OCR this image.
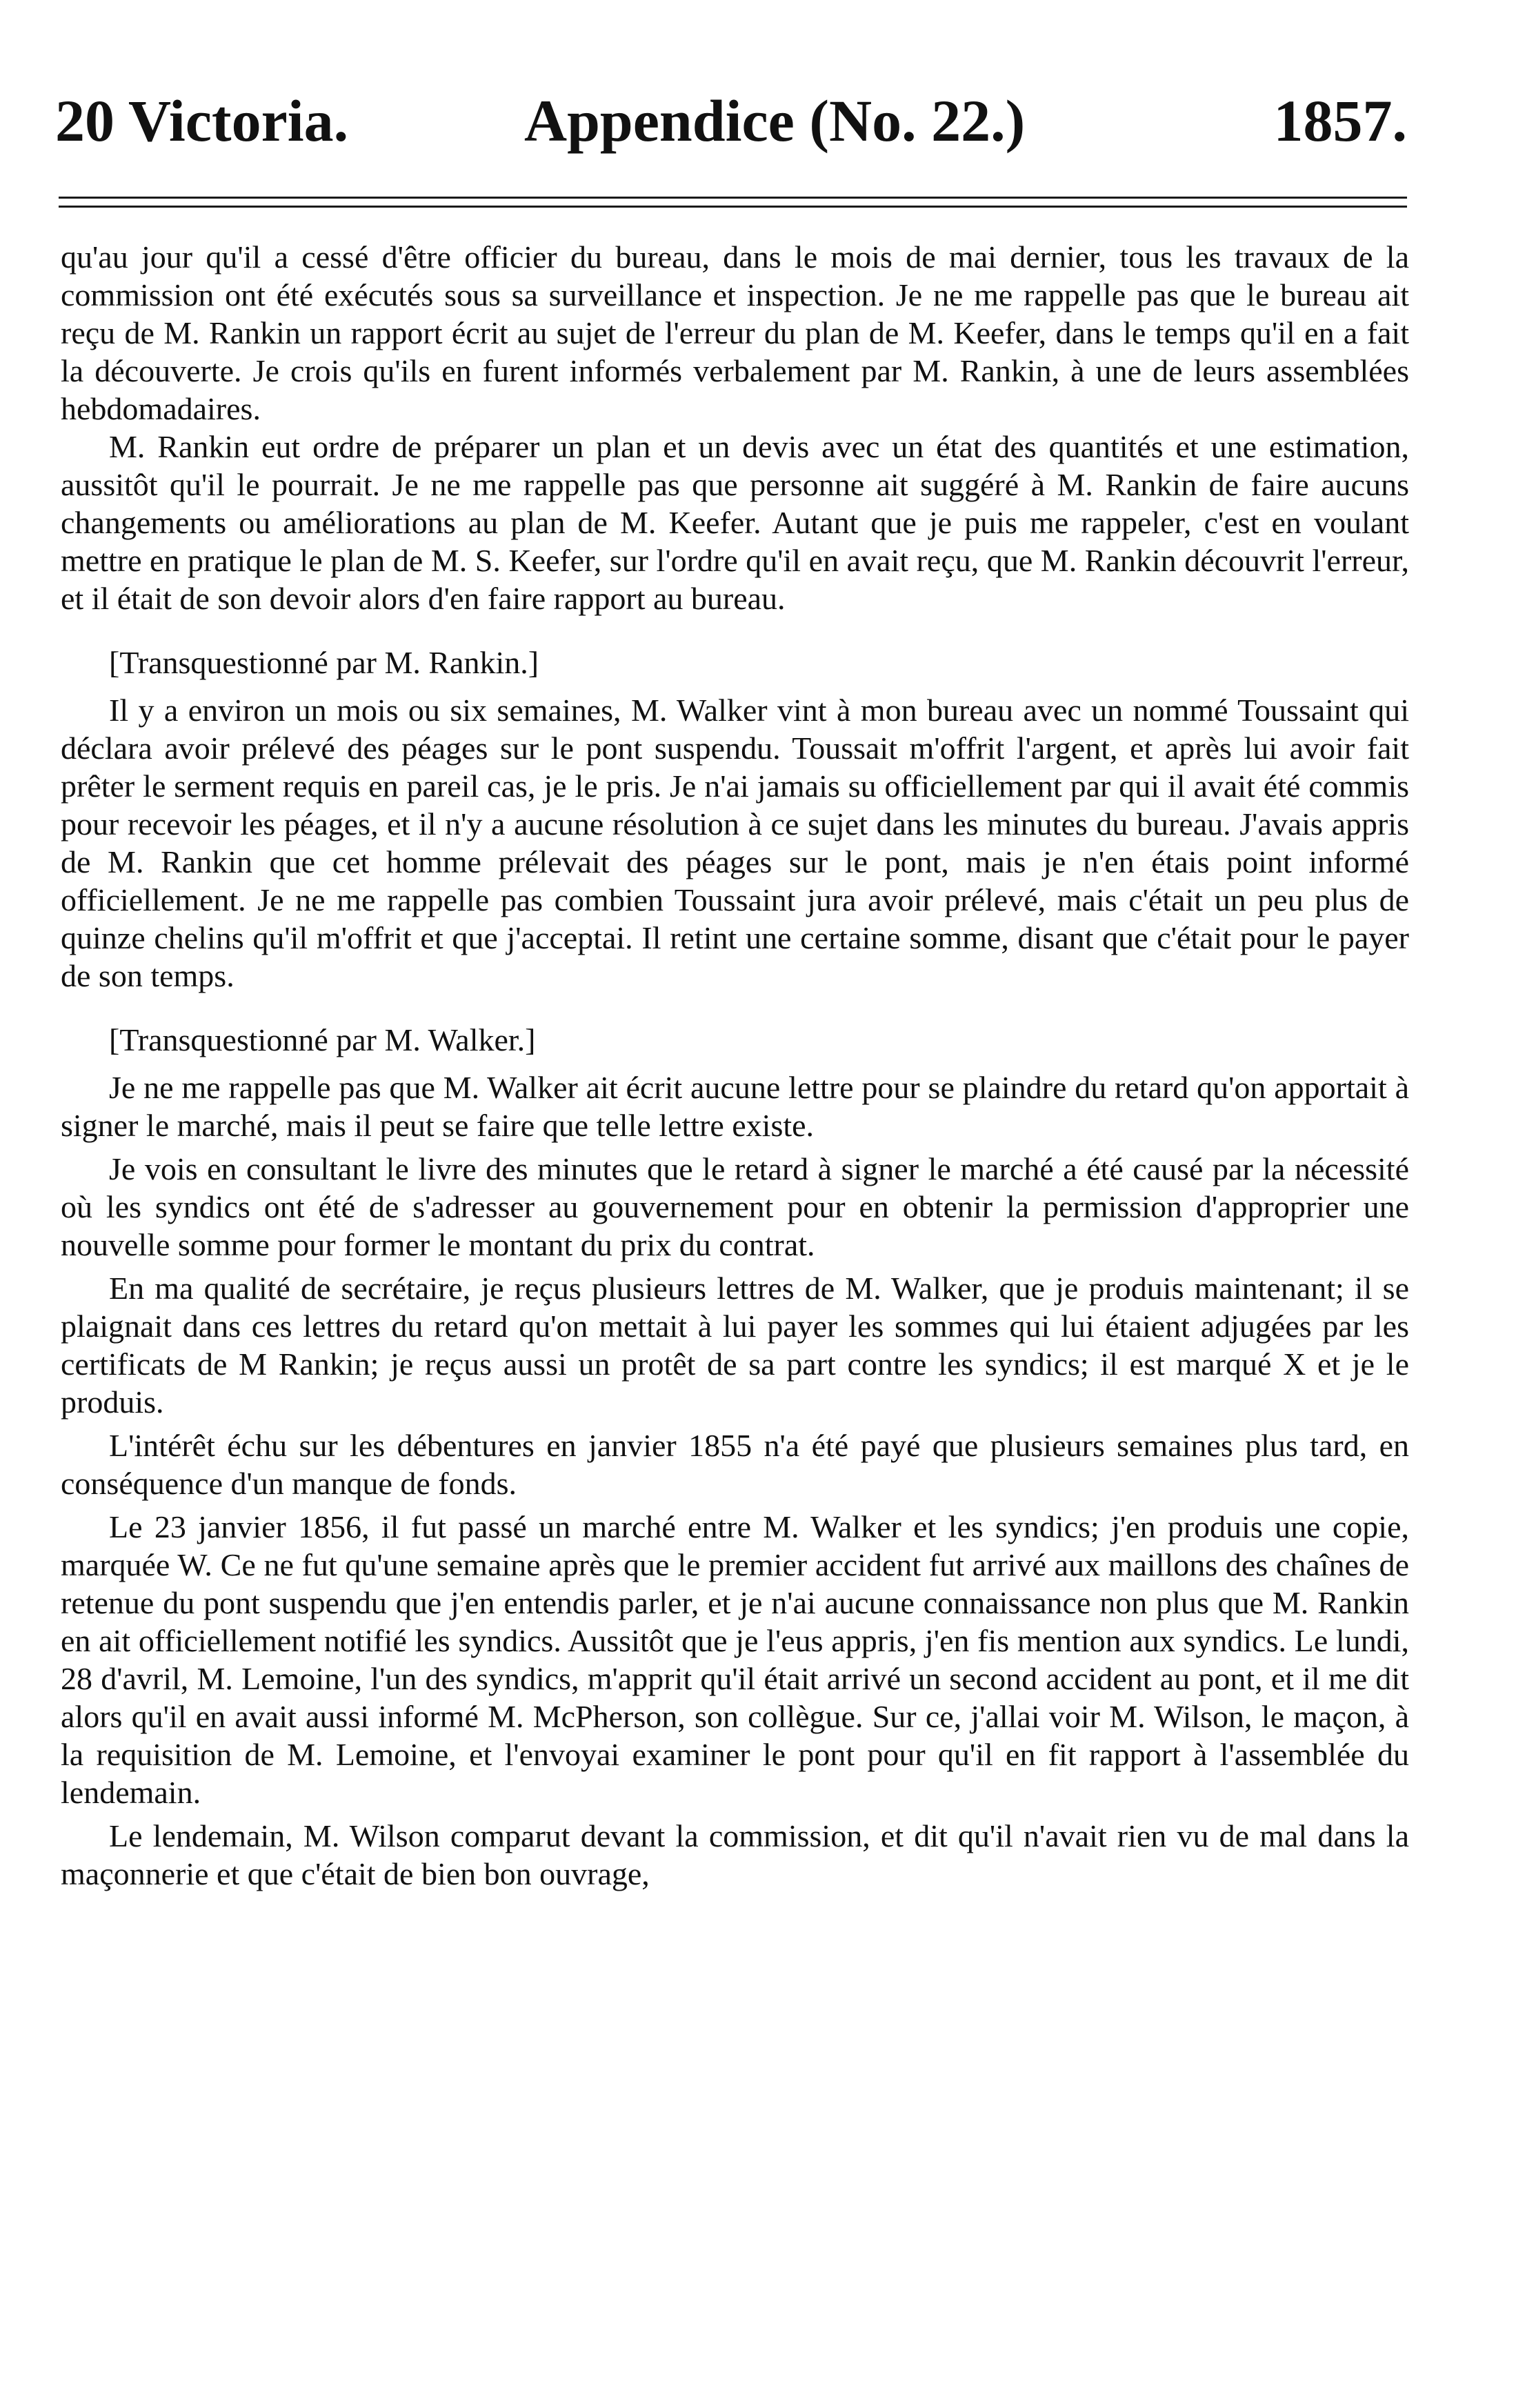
20 Victoria.	Appendice (No. 22.)	1857.

qu'au jour qu'il a cessé d'être officier du bureau, dans le mois de mai dernier, tous les travaux de la commission ont été exécutés sous sa surveillance et inspection. Je ne me rappelle pas que le bureau ait reçu de M. Rankin un rapport écrit au sujet de l'erreur du plan de M. Keefer, dans le temps qu'il en a fait la découverte. Je crois qu'ils en furent informés verbalement par M. Rankin, à une de leurs assemblées hebdomadaires.

M. Rankin eut ordre de préparer un plan et un devis avec un état des quantités et une estimation, aussitôt qu'il le pourrait. Je ne me rappelle pas que personne ait suggéré à M. Rankin de faire aucuns changements ou améliorations au plan de M. Keefer. Autant que je puis me rappeler, c'est en voulant mettre en pratique le plan de M. S. Keefer, sur l'ordre qu'il en avait reçu, que M. Rankin découvrit l'erreur, et il était de son devoir alors d'en faire rapport au bureau.

[Transquestionné par M. Rankin.]

Il y a environ un mois ou six semaines, M. Walker vint à mon bureau avec un nommé Toussaint qui déclara avoir prélevé des péages sur le pont suspendu. Toussait m'offrit l'argent, et après lui avoir fait prêter le serment requis en pareil cas, je le pris. Je n'ai jamais su officiellement par qui il avait été commis pour recevoir les péages, et il n'y a aucune résolution à ce sujet dans les minutes du bureau. J'avais appris de M. Rankin que cet homme prélevait des péages sur le pont, mais je n'en étais point informé officiellement. Je ne me rappelle pas combien Toussaint jura avoir prélevé, mais c'était un peu plus de quinze chelins qu'il m'offrit et que j'acceptai. Il retint une certaine somme, disant que c'était pour le payer de son temps.

[Transquestionné par M. Walker.]

Je ne me rappelle pas que M. Walker ait écrit aucune lettre pour se plaindre du retard qu'on apportait à signer le marché, mais il peut se faire que telle lettre existe.

Je vois en consultant le livre des minutes que le retard à signer le marché a été causé par la nécessité où les syndics ont été de s'adresser au gouvernement pour en obtenir la permission d'approprier une nouvelle somme pour former le montant du prix du contrat.

En ma qualité de secrétaire, je reçus plusieurs lettres de M. Walker, que je produis maintenant; il se plaignait dans ces lettres du retard qu'on mettait à lui payer les sommes qui lui étaient adjugées par les certificats de M Rankin; je reçus aussi un protêt de sa part contre les syndics; il est marqué X et je le produis.

L'intérêt échu sur les débentures en janvier 1855 n'a été payé que plusieurs semaines plus tard, en conséquence d'un manque de fonds.

Le 23 janvier 1856, il fut passé un marché entre M. Walker et les syndics; j'en produis une copie, marquée W. Ce ne fut qu'une semaine après que le premier accident fut arrivé aux maillons des chaînes de retenue du pont suspendu que j'en entendis parler, et je n'ai aucune connaissance non plus que M. Rankin en ait officiellement notifié les syndics. Aussitôt que je l'eus appris, j'en fis mention aux syndics. Le lundi, 28 d'avril, M. Lemoine, l'un des syndics, m'apprit qu'il était arrivé un second accident au pont, et il me dit alors qu'il en avait aussi informé M. McPherson, son collègue. Sur ce, j'allai voir M. Wilson, le maçon, à la requisition de M. Lemoine, et l'envoyai examiner le pont pour qu'il en fit rapport à l'assemblée du lendemain.

Le lendemain, M. Wilson comparut devant la commission, et dit qu'il n'avait rien vu de mal dans la maçonnerie et que c'était de bien bon ouvrage,
